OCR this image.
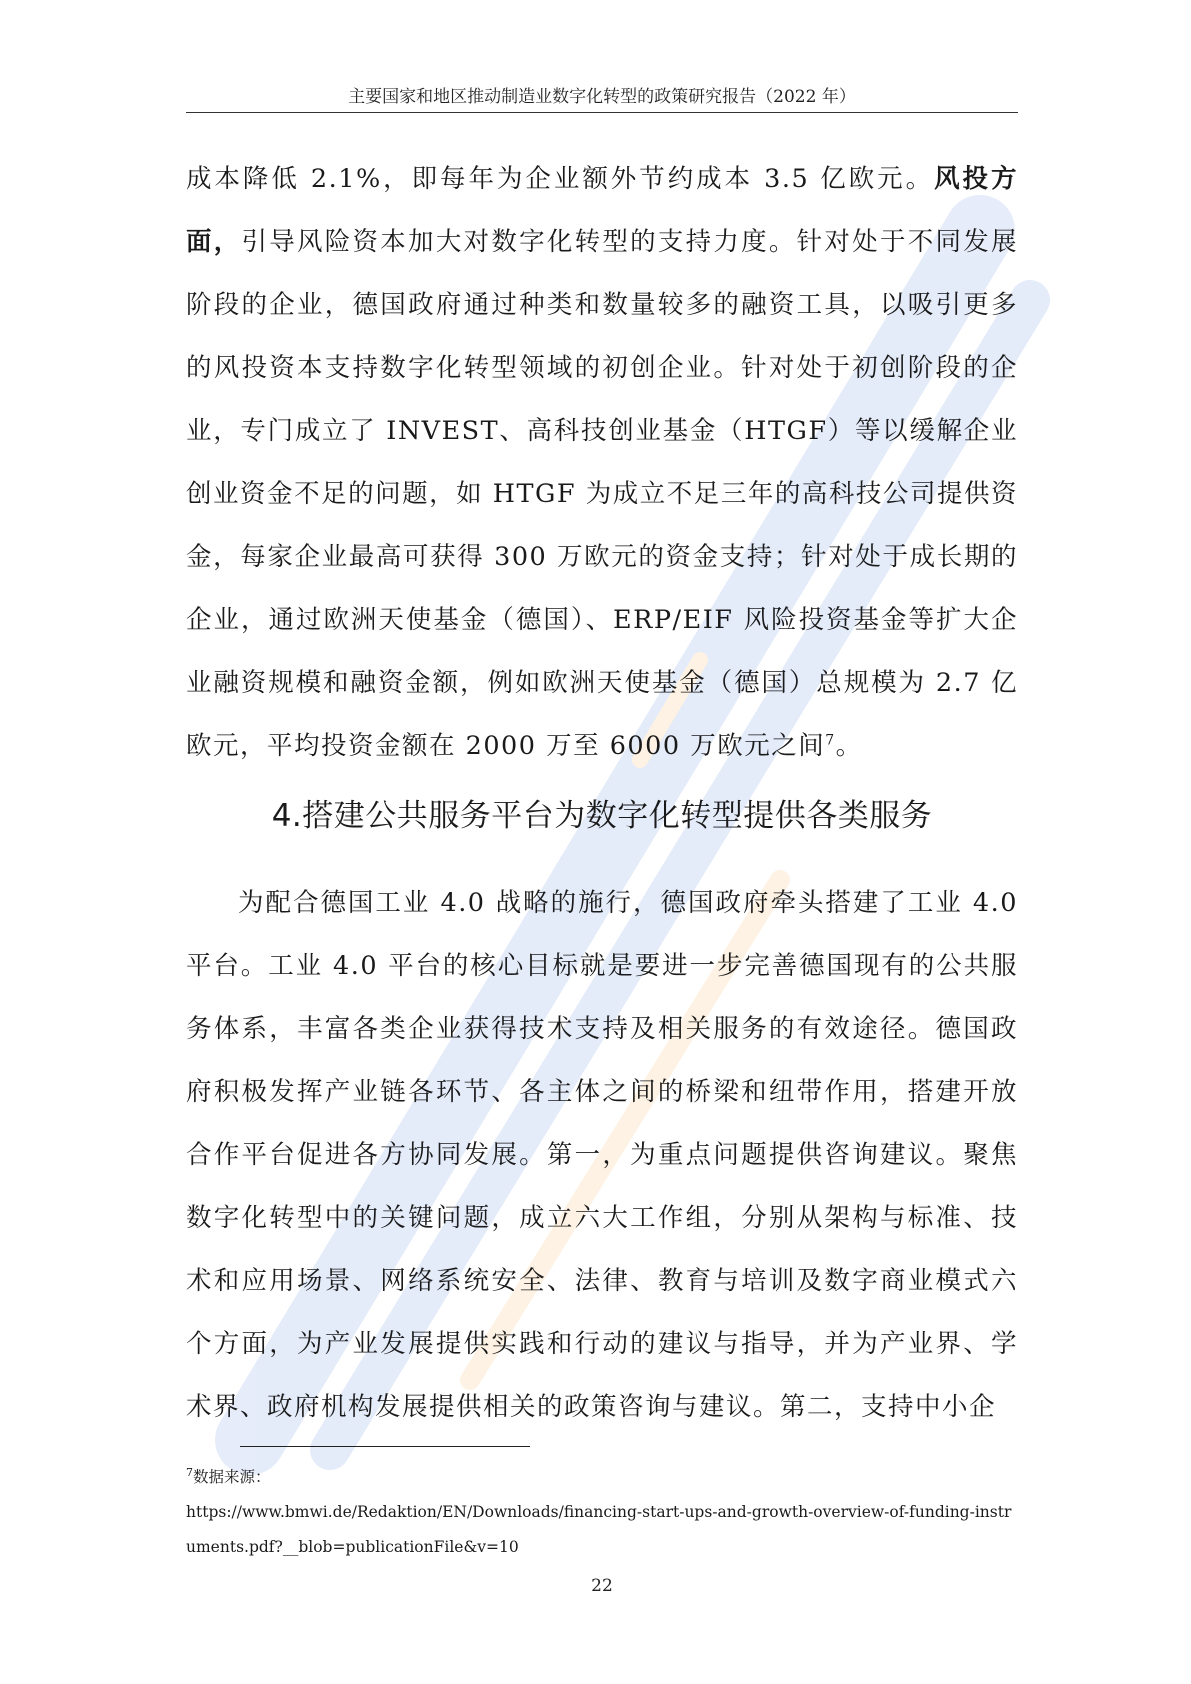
主要国家和地区推动制造业数字化转型的政策研究报告（2022 年）
成本降低 2.1%，即每年为企业额外节约成本 3.5 亿欧元。风投方面，引导风险资本加大对数字化转型的支持力度。针对处于不同发展阶段的企业，德国政府通过种类和数量较多的融资工具，以吸引更多的风投资本支持数字化转型领域的初创企业。针对处于初创阶段的企业，专门成立了 INVEST、高科技创业基金（HTGF）等以缓解企业创业资金不足的问题，如 HTGF 为成立不足三年的高科技公司提供资金，每家企业最高可获得 300 万欧元的资金支持；针对处于成长期的企业，通过欧洲天使基金（德国）、ERP/EIF 风险投资基金等扩大企业融资规模和融资金额，例如欧洲天使基金（德国）总规模为 2.7 亿欧元，平均投资金额在 2000 万至 6000 万欧元之间$^7$。
4.搭建公共服务平台为数字化转型提供各类服务
为配合德国工业 4.0 战略的施行，德国政府牵头搭建了工业 4.0 平台。工业 4.0 平台的核心目标就是要进一步完善德国现有的公共服务体系，丰富各类企业获得技术支持及相关服务的有效途径。德国政府积极发挥产业链各环节、各主体之间的桥梁和纽带作用，搭建开放合作平台促进各方协同发展。第一，为重点问题提供咨询建议。聚焦数字化转型中的关键问题，成立六大工作组，分别从架构与标准、技术和应用场景、网络系统安全、法律、教育与培训及数字商业模式六个方面，为产业发展提供实践和行动的建议与指导，并为产业界、学术界、政府机构发展提供相关的政策咨询与建议。第二，支持中小企
$^7$数据来源：
https://www.bmwi.de/Redaktion/EN/Downloads/financing-start-ups-and-growth-overview-of-funding-instruments.pdf?__blob=publicationFile&v=10
22
